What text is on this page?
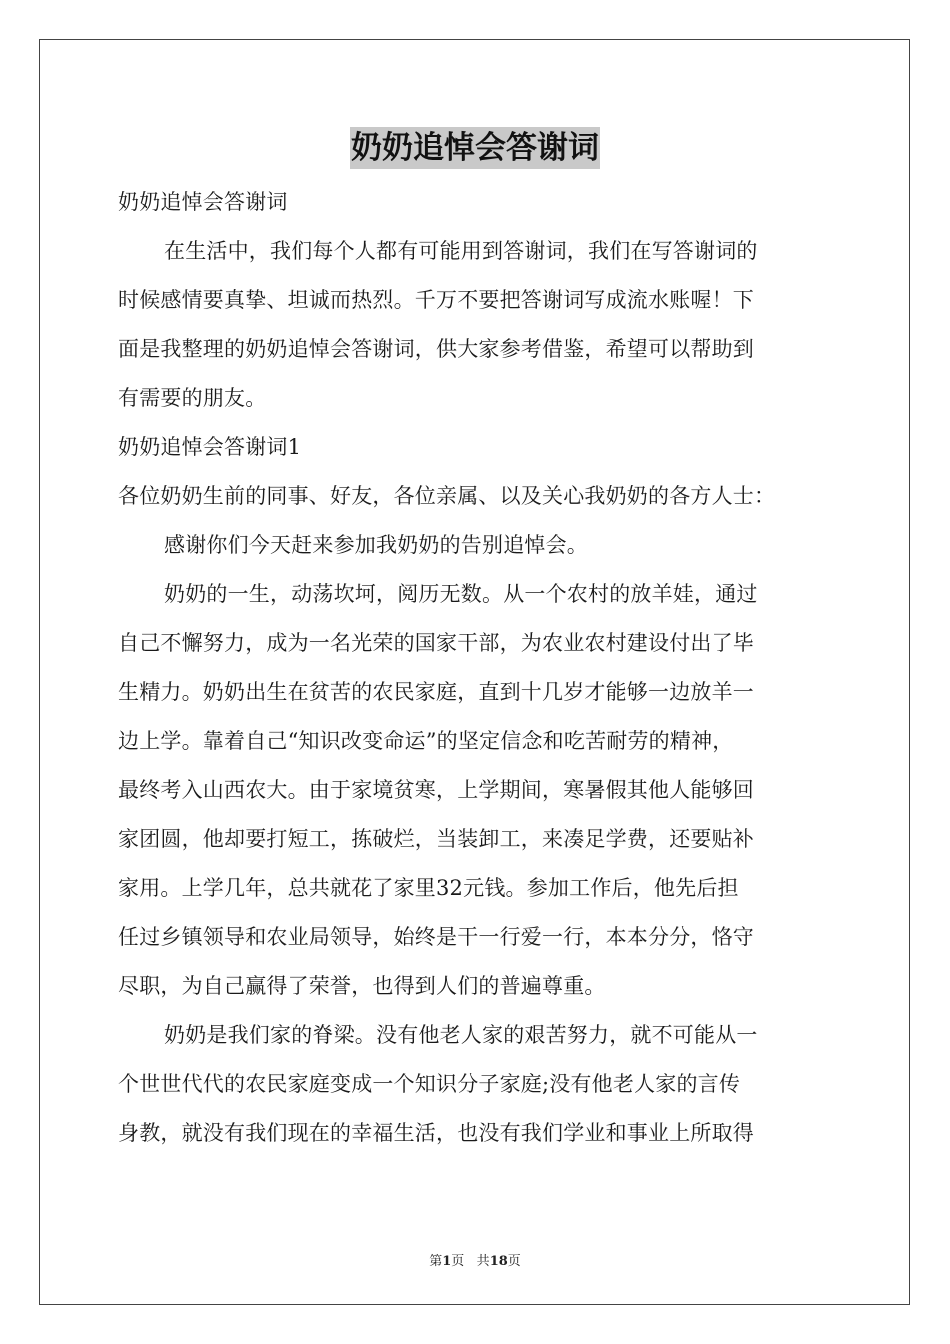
奶奶追悼会答谢词
奶奶追悼会答谢词
在生活中，我们每个人都有可能用到答谢词，我们在写答谢词的
时候感情要真挚、坦诚而热烈。千万不要把答谢词写成流水账喔！下
面是我整理的奶奶追悼会答谢词，供大家参考借鉴，希望可以帮助到
有需要的朋友。
奶奶追悼会答谢词1
各位奶奶生前的同事、好友，各位亲属、以及关心我奶奶的各方人士：
感谢你们今天赶来参加我奶奶的告别追悼会。
奶奶的一生，动荡坎坷，阅历无数。从一个农村的放羊娃，通过
自己不懈努力，成为一名光荣的国家干部，为农业农村建设付出了毕
生精力。奶奶出生在贫苦的农民家庭，直到十几岁才能够一边放羊一
边上学。靠着自己“知识改变命运”的坚定信念和吃苦耐劳的精神，
最终考入山西农大。由于家境贫寒，上学期间，寒暑假其他人能够回
家团圆，他却要打短工，拣破烂，当装卸工，来凑足学费，还要贴补
家用。上学几年，总共就花了家里32元钱。参加工作后，他先后担
任过乡镇领导和农业局领导，始终是干一行爱一行，本本分分，恪守
尽职，为自己赢得了荣誉，也得到人们的普遍尊重。
奶奶是我们家的脊梁。没有他老人家的艰苦努力，就不可能从一
个世世代代的农民家庭变成一个知识分子家庭;没有他老人家的言传
身教，就没有我们现在的幸福生活，也没有我们学业和事业上所取得
第1页 共18页
